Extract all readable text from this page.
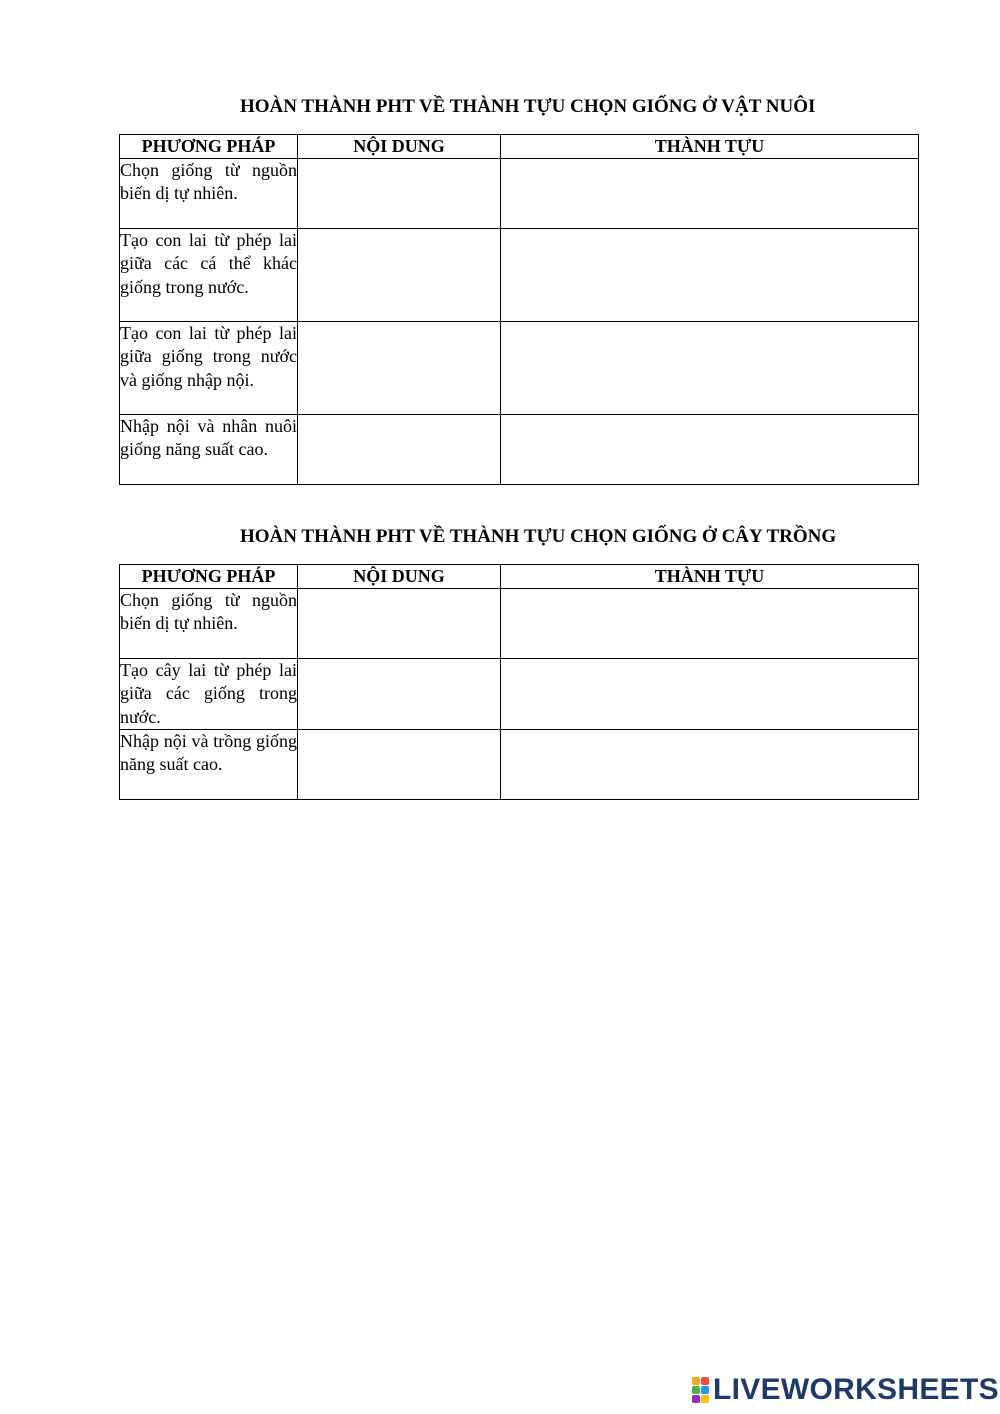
HOÀN THÀNH PHT VỀ THÀNH TỰU CHỌN GIỐNG Ở VẬT NUÔI
PHƯƠNG PHÁP	NỘI DUNG	THÀNH TỰU
Chọn giống từ nguồn biến dị tự nhiên.		
Tạo con lai từ phép lai giữa các cá thể khác giống trong nước.		
Tạo con lai từ phép lai giữa giống trong nước và giống nhập nội.		
Nhập nội và nhân nuôi giống năng suất cao.		
HOÀN THÀNH PHT VỀ THÀNH TỰU CHỌN GIỐNG Ở CÂY TRỒNG
PHƯƠNG PHÁP	NỘI DUNG	THÀNH TỰU
Chọn giống từ nguồn biến dị tự nhiên.		
Tạo cây lai từ phép lai giữa các giống trong nước.		
Nhập nội và trồng giống năng suất cao.		
LIVEWORKSHEETS
